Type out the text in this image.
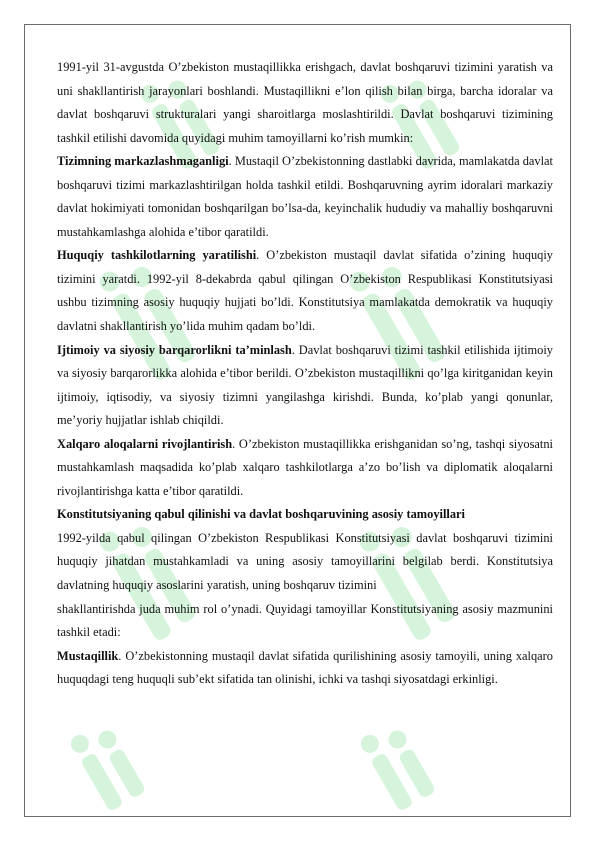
1991-yil 31-avgustda O’zbekiston mustaqillikka erishgach, davlat boshqaruvi tizimini yaratish va uni shakllantirish jarayonlari boshlandi. Mustaqillikni e’lon qilish bilan birga, barcha idoralar va davlat boshqaruvi strukturalari yangi sharoitlarga moslashtirildi. Davlat boshqaruvi tizimining tashkil etilishi davomida quyidagi muhim tamoyillarni ko’rish mumkin:

Tizimning markazlashmaganligi. Mustaqil O’zbekistonning dastlabki davrida, mamlakatda davlat boshqaruvi tizimi markazlashtirilgan holda tashkil etildi. Boshqaruvning ayrim idoralari markaziy davlat hokimiyati tomonidan boshqarilgan bo’lsa-da, keyinchalik hududiy va mahalliy boshqaruvni mustahkamlashga alohida e’tibor qaratildi.

Huquqiy tashkilotlarning yaratilishi. O’zbekiston mustaqil davlat sifatida o’zining huquqiy tizimini yaratdi. 1992-yil 8-dekabrda qabul qilingan O’zbekiston Respublikasi Konstitutsiyasi ushbu tizimning asosiy huquqiy hujjati bo’ldi. Konstitutsiya mamlakatda demokratik va huquqiy davlatni shakllantirish yo’lida muhim qadam bo’ldi.

Ijtimoiy va siyosiy barqarorlikni ta’minlash. Davlat boshqaruvi tizimi tashkil etilishida ijtimoiy va siyosiy barqarorlikka alohida e’tibor berildi. O’zbekiston mustaqillikni qo’lga kiritganidan keyin ijtimoiy, iqtisodiy, va siyosiy tizimni yangilashga kirishdi. Bunda, ko’plab yangi qonunlar, me’yoriy hujjatlar ishlab chiqildi.

Xalqaro aloqalarni rivojlantirish. O’zbekiston mustaqillikka erishganidan so’ng, tashqi siyosatni mustahkamlash maqsadida ko’plab xalqaro tashkilotlarga a’zo bo’lish va diplomatik aloqalarni rivojlantirishga katta e’tibor qaratildi.

Konstitutsiyaning qabul qilinishi va davlat boshqaruvining asosiy tamoyillari

1992-yilda qabul qilingan O’zbekiston Respublikasi Konstitutsiyasi davlat boshqaruvi tizimini huquqiy jihatdan mustahkamladi va uning asosiy tamoyillarini belgilab berdi. Konstitutsiya davlatning huquqiy asoslarini yaratish, uning boshqaruv tizimini

shakllantirishda juda muhim rol o’ynadi. Quyidagi tamoyillar Konstitutsiyaning asosiy mazmunini tashkil etadi:

Mustaqillik. O’zbekistonning mustaqil davlat sifatida qurilishining asosiy tamoyili, uning xalqaro huquqdagi teng huquqli sub’ekt sifatida tan olinishi, ichki va tashqi siyosatdagi erkinligi.
